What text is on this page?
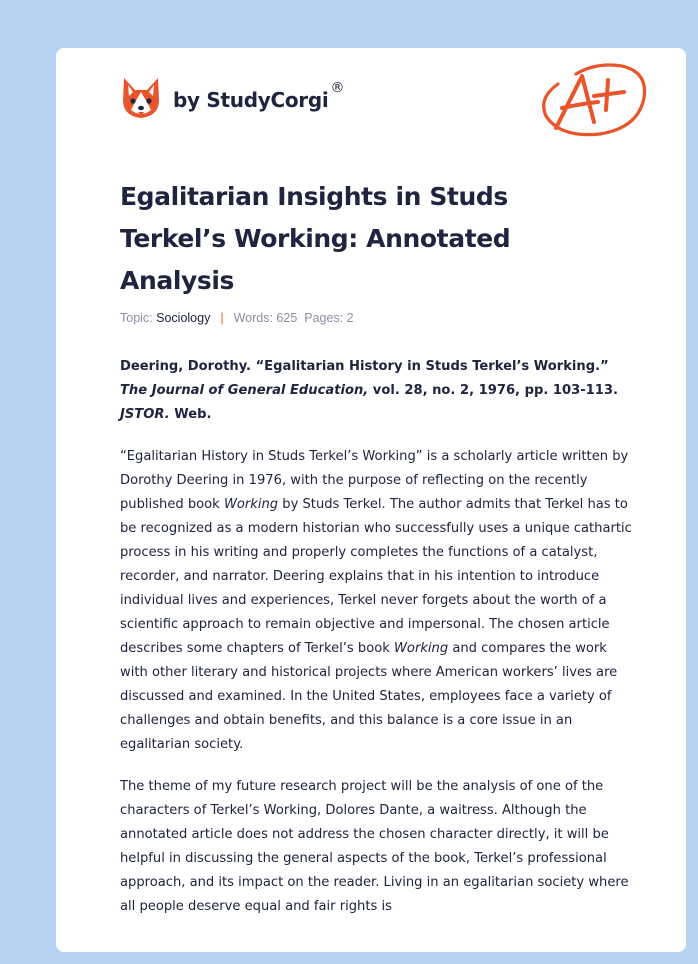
by StudyCorgi ®
Egalitarian Insights in Studs Terkel’s Working: Annotated Analysis
Topic: Sociology | Words: 625 Pages: 2

Deering, Dorothy. “Egalitarian History in Studs Terkel’s Working.” The Journal of General Education, vol. 28, no. 2, 1976, pp. 103-113. JSTOR. Web.

“Egalitarian History in Studs Terkel’s Working” is a scholarly article written by Dorothy Deering in 1976, with the purpose of reflecting on the recently published book Working by Studs Terkel. The author admits that Terkel has to be recognized as a modern historian who successfully uses a unique cathartic process in his writing and properly completes the functions of a catalyst, recorder, and narrator. Deering explains that in his intention to introduce individual lives and experiences, Terkel never forgets about the worth of a scientific approach to remain objective and impersonal. The chosen article describes some chapters of Terkel’s book Working and compares the work with other literary and historical projects where American workers’ lives are discussed and examined. In the United States, employees face a variety of challenges and obtain benefits, and this balance is a core issue in an egalitarian society.

The theme of my future research project will be the analysis of one of the characters of Terkel’s Working, Dolores Dante, a waitress. Although the annotated article does not address the chosen character directly, it will be helpful in discussing the general aspects of the book, Terkel’s professional approach, and its impact on the reader. Living in an egalitarian society where all people deserve equal and fair rights is
